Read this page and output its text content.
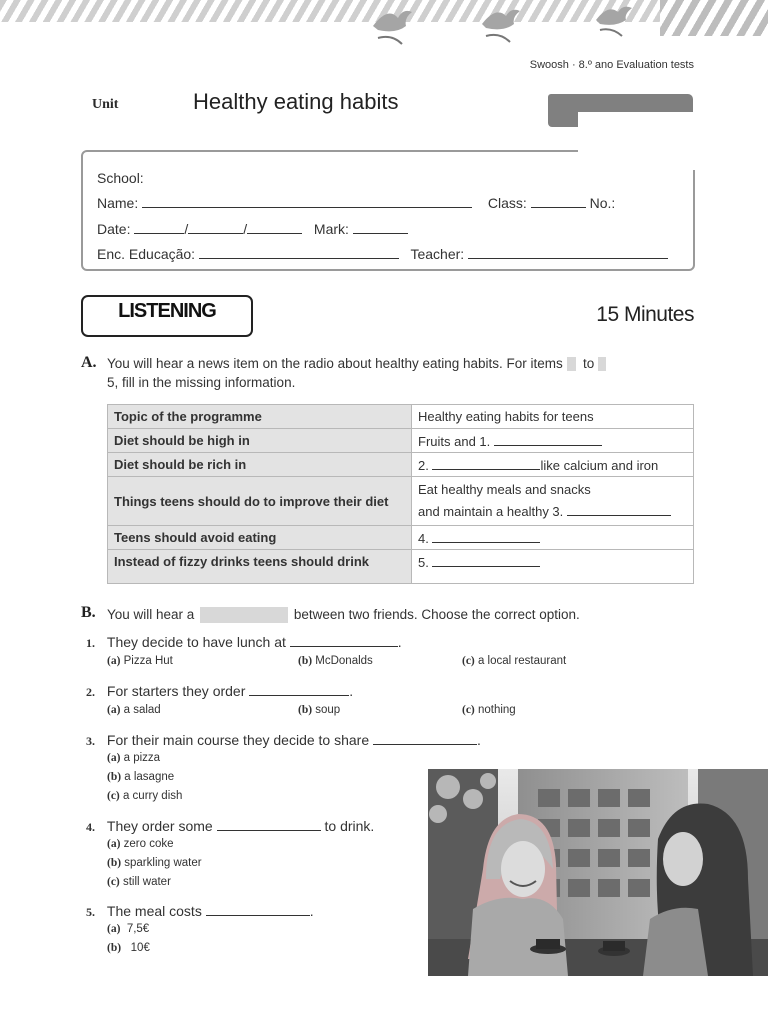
Swoosh · 8.º ano Evaluation tests
Unit	Healthy eating habits
School:
Name:	Class:	No.:
Date:	/	/	Mark:
Enc. Educação:	Teacher:
LISTENING	15 Minutes
A. You will hear a news item on the radio about healthy eating habits. For items to
5, fill in the missing information.
Topic of the programme	Healthy eating habits for teens
Diet should be high in	Fruits and 1.
Diet should be rich in	2. like calcium and iron
Things teens should do to improve their diet	Eat healthy meals and snacks
and maintain a healthy 3.
Teens should avoid eating	4.
Instead of fizzy drinks teens should drink	5.
B. You will hear a	between two friends. Choose the correct option.
1. They decide to have lunch at	.
(a) Pizza Hut	(b) McDonalds	(c) a local restaurant
2. For starters they order	.
(a) a salad	(b) soup	(c) nothing
3. For their main course they decide to share	.
(a) a pizza
(b) a lasagne
(c) a curry dish
4. They order some	to drink.
(a) zero coke
(b) sparkling water
(c) still water
5. The meal costs	.
(a) 7,5€
(b) 10€
